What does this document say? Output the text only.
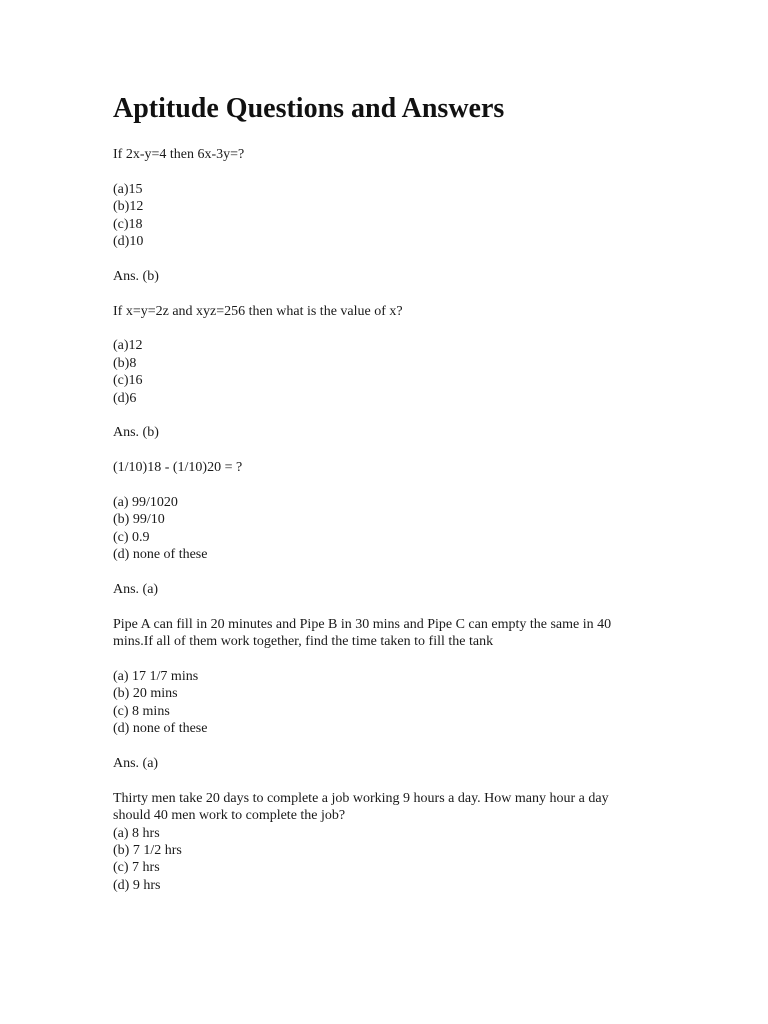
Aptitude Questions and Answers

If 2x-y=4 then 6x-3y=?

(a)15

(b)12

(c)18

(d)10

Ans. (b)

If x=y=2z and xyz=256 then what is the value of x?

(a)12

(b)8

(c)16

(d)6

Ans. (b)

(1/10)18 - (1/10)20 = ?

(a) 99/1020

(b) 99/10

(c) 0.9

(d) none of these

Ans. (a)

Pipe A can fill in 20 minutes and Pipe B in 30 mins and Pipe C can empty the same in 40

mins.If all of them work together, find the time taken to fill the tank

(a) 17 1/7 mins

(b) 20 mins

(c) 8 mins

(d) none of these

Ans. (a)

Thirty men take 20 days to complete a job working 9 hours a day. How many hour a day

should 40 men work to complete the job?

(a) 8 hrs

(b) 7 1/2 hrs

(c) 7 hrs

(d) 9 hrs
